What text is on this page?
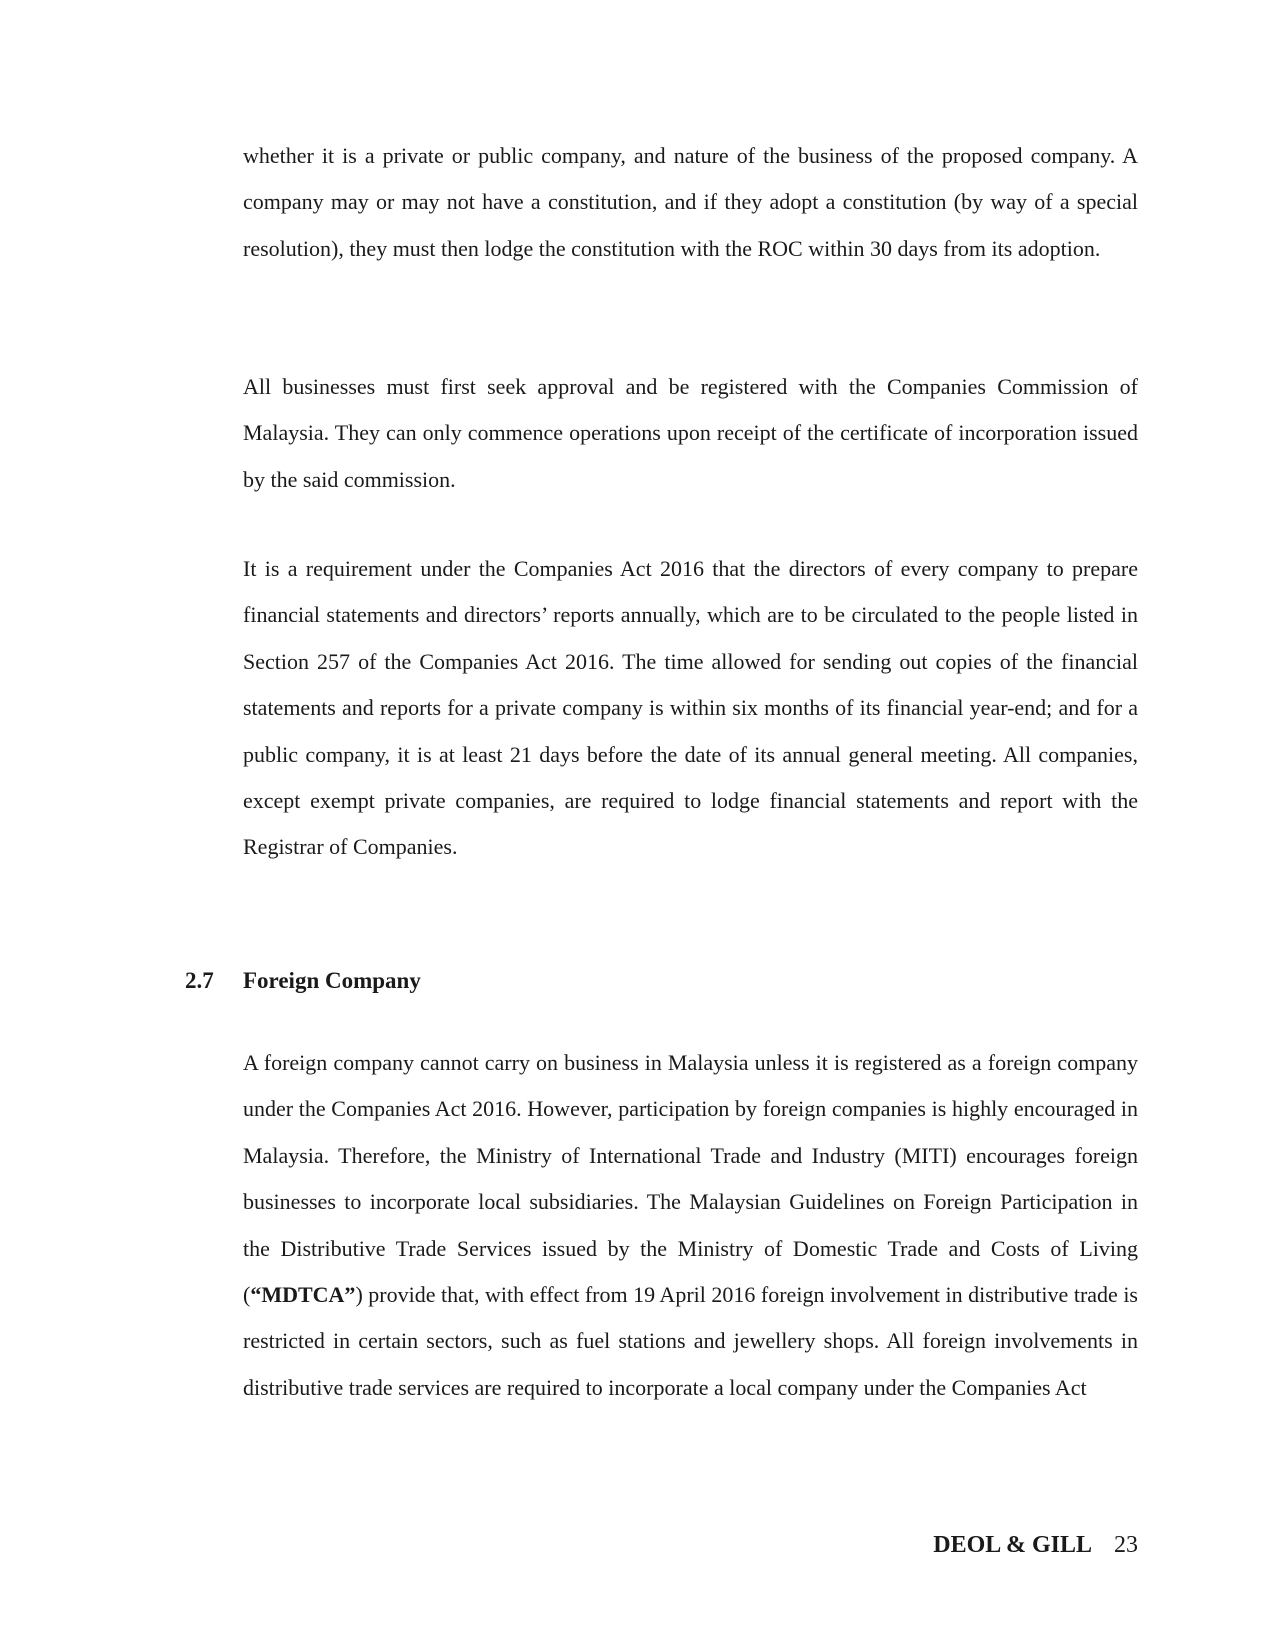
whether it is a private or public company, and nature of the business of the proposed company. A company may or may not have a constitution, and if they adopt a constitution (by way of a special resolution), they must then lodge the constitution with the ROC within 30 days from its adoption.

All businesses must first seek approval and be registered with the Companies Commission of Malaysia. They can only commence operations upon receipt of the certificate of incorporation issued by the said commission.

It is a requirement under the Companies Act 2016 that the directors of every company to prepare financial statements and directors’ reports annually, which are to be circulated to the people listed in Section 257 of the Companies Act 2016. The time allowed for sending out copies of the financial statements and reports for a private company is within six months of its financial year-end; and for a public company, it is at least 21 days before the date of its annual general meeting. All companies, except exempt private companies, are required to lodge financial statements and report with the Registrar of Companies.

2.7 Foreign Company

A foreign company cannot carry on business in Malaysia unless it is registered as a foreign company under the Companies Act 2016. However, participation by foreign companies is highly encouraged in Malaysia. Therefore, the Ministry of International Trade and Industry (MITI) encourages foreign businesses to incorporate local subsidiaries. The Malaysian Guidelines on Foreign Participation in the Distributive Trade Services issued by the Ministry of Domestic Trade and Costs of Living (“MDTCA”) provide that, with effect from 19 April 2016 foreign involvement in distributive trade is restricted in certain sectors, such as fuel stations and jewellery shops. All foreign involvements in distributive trade services are required to incorporate a local company under the Companies Act

DEOL & GILL 23
